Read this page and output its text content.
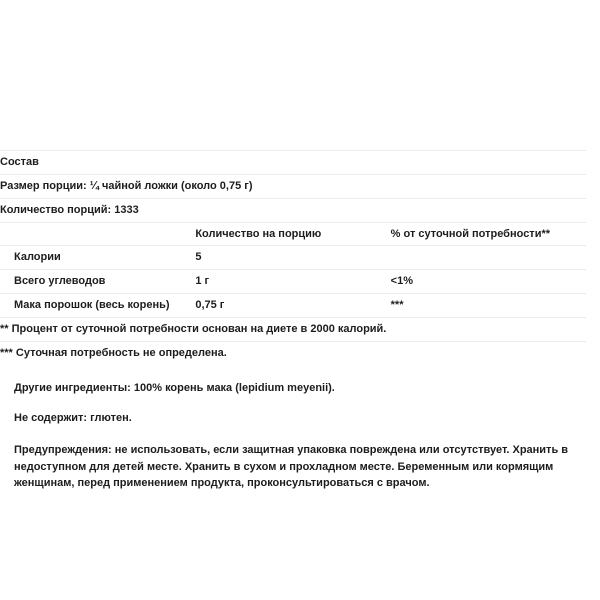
Состав		
Размер порции: ¼ чайной ложки (около 0,75 г)		
Количество порций: 1333		
	Количество на порцию	% от суточной потребности**
Калории	5	
Всего углеводов	1 г	<1%
Мака порошок (весь корень)	0,75 г	***
** Процент от суточной потребности основан на диете в 2000 калорий.		
*** Суточная потребность не определена.		

Другие ингредиенты: 100% корень мака (lepidium meyenii).

Не содержит: глютен.

Предупреждения: не использовать, если защитная упаковка повреждена или отсутствует. Хранить в недоступном для детей месте. Хранить в сухом и прохладном месте. Беременным или кормящим женщинам, перед применением продукта, проконсультироваться с врачом.
